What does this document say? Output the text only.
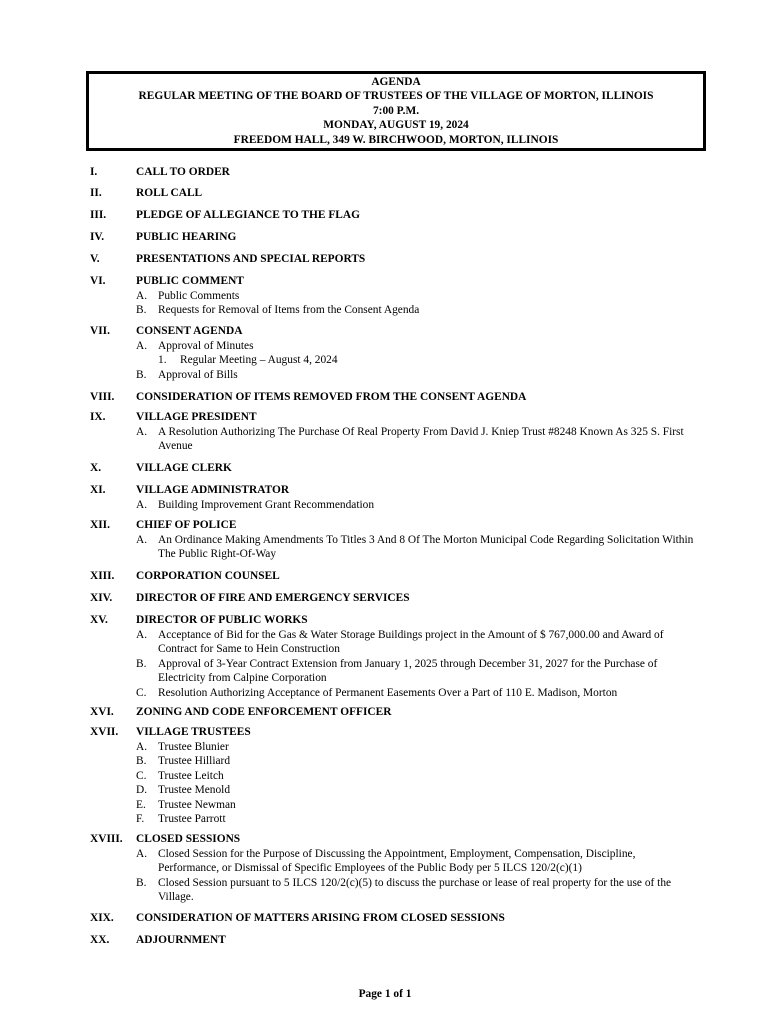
AGENDA
REGULAR MEETING OF THE BOARD OF TRUSTEES OF THE VILLAGE OF MORTON, ILLINOIS
7:00 P.M.
MONDAY, AUGUST 19, 2024
FREEDOM HALL, 349 W. BIRCHWOOD, MORTON, ILLINOIS
I.	CALL TO ORDER
II.	ROLL CALL
III.	PLEDGE OF ALLEGIANCE TO THE FLAG
IV.	PUBLIC HEARING
V.	PRESENTATIONS AND SPECIAL REPORTS
VI.	PUBLIC COMMENT
A. Public Comments
B. Requests for Removal of Items from the Consent Agenda
VII. CONSENT AGENDA
A. Approval of Minutes
1. Regular Meeting – August 4, 2024
B. Approval of Bills
VIII. CONSIDERATION OF ITEMS REMOVED FROM THE CONSENT AGENDA
IX.	VILLAGE PRESIDENT
A. A Resolution Authorizing The Purchase Of Real Property From David J. Kniep Trust #8248 Known As 325 S. First Avenue
X.	VILLAGE CLERK
XI.	VILLAGE ADMINISTRATOR
A. Building Improvement Grant Recommendation
XII. CHIEF OF POLICE
A. An Ordinance Making Amendments To Titles 3 And 8 Of The Morton Municipal Code Regarding Solicitation Within The Public Right-Of-Way
XIII. CORPORATION COUNSEL
XIV. DIRECTOR OF FIRE AND EMERGENCY SERVICES
XV. DIRECTOR OF PUBLIC WORKS
A. Acceptance of Bid for the Gas & Water Storage Buildings project in the Amount of $ 767,000.00 and Award of Contract for Same to Hein Construction
B. Approval of 3-Year Contract Extension from January 1, 2025 through December 31, 2027 for the Purchase of Electricity from Calpine Corporation
C. Resolution Authorizing Acceptance of Permanent Easements Over a Part of 110 E. Madison, Morton
XVI. ZONING AND CODE ENFORCEMENT OFFICER
XVII. VILLAGE TRUSTEES
A. Trustee Blunier
B. Trustee Hilliard
C. Trustee Leitch
D. Trustee Menold
E. Trustee Newman
F. Trustee Parrott
XVIII. CLOSED SESSIONS
A. Closed Session for the Purpose of Discussing the Appointment, Employment, Compensation, Discipline, Performance, or Dismissal of Specific Employees of the Public Body per 5 ILCS 120/2(c)(1)
B. Closed Session pursuant to 5 ILCS 120/2(c)(5) to discuss the purchase or lease of real property for the use of the Village.
XIX. CONSIDERATION OF MATTERS ARISING FROM CLOSED SESSIONS
XX. ADJOURNMENT
Page 1 of 1
